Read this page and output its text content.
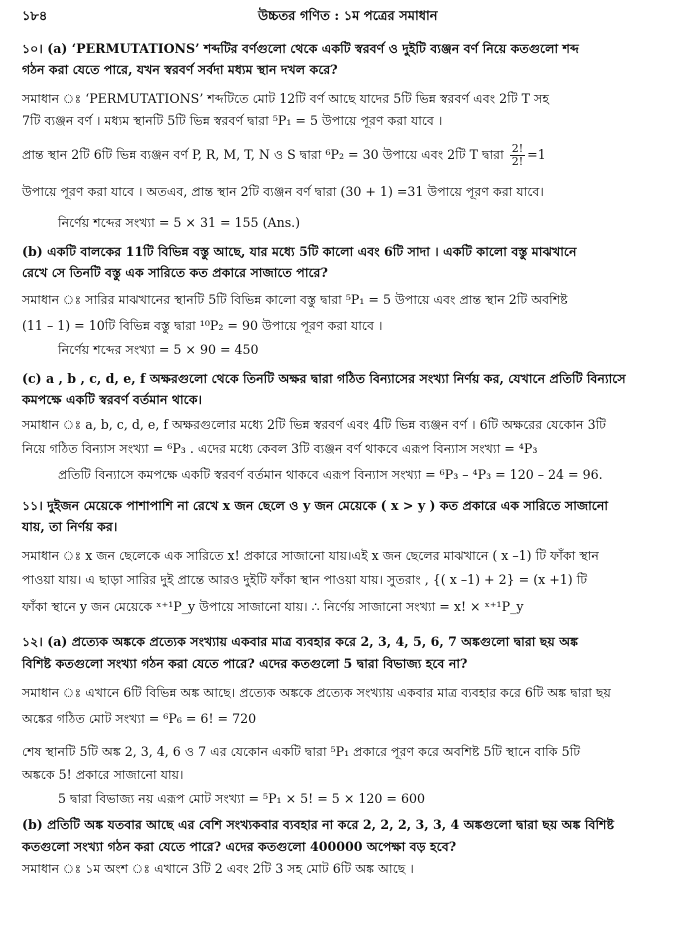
১৮৪	উচ্চতর গণিত : ১ম পত্রের সমাধান
১০। (a) ‘PERMUTATIONS’ শব্দটির বর্ণগুলো থেকে একটি স্বরবর্ণ ও দুইটি ব্যঞ্জন বর্ণ নিয়ে কতগুলো শব্দ
গঠন করা যেতে পারে, যখন স্বরবর্ণ সর্বদা মধ্যম স্থান দখল করে?
সমাধান ঃ ‘PERMUTATIONS’ শব্দটিতে মোট 12টি বর্ণ আছে যাদের 5টি ভিন্ন স্বরবর্ণ এবং 2টি T সহ
7টি ব্যঞ্জন বর্ণ । মধ্যম স্থানটি 5টি ভিন্ন স্বরবর্ণ দ্বারা ⁵P₁ = 5 উপায়ে পূরণ করা যাবে ।
প্রান্ত স্থান 2টি 6টি ভিন্ন ব্যঞ্জন বর্ণ P, R, M, T, N ও S দ্বারা ⁶P₂ = 30 উপায়ে এবং 2টি T দ্বারা $\frac{2!}{2!} =1$
উপায়ে পূরণ করা যাবে । অতএব, প্রান্ত স্থান 2টি ব্যঞ্জন বর্ণ দ্বারা (30 + 1) =31 উপায়ে পূরণ করা যাবে।
নির্ণেয় শব্দের সংখ্যা = 5 × 31 = 155 (Ans.)
(b) একটি বালকের 11টি বিভিন্ন বস্তু আছে, যার মধ্যে 5টি কালো এবং 6টি সাদা । একটি কালো বস্তু মাঝখানে
রেখে সে তিনটি বস্তু এক সারিতে কত প্রকারে সাজাতে পারে?
সমাধান ঃ সারির মাঝখানের স্থানটি 5টি বিভিন্ন কালো বস্তু দ্বারা ⁵P₁ = 5 উপায়ে এবং প্রান্ত স্থান 2টি অবশিষ্ট
(11 – 1) = 10টি বিভিন্ন বস্তু দ্বারা ¹⁰P₂ = 90 উপায়ে পূরণ করা যাবে ।
নির্ণেয় শব্দের সংখ্যা = 5 × 90 = 450
(c) a , b , c, d, e, f অক্ষরগুলো থেকে তিনটি অক্ষর দ্বারা গঠিত বিন্যাসের সংখ্যা নির্ণয় কর, যেখানে প্রতিটি বিন্যাসে
কমপক্ষে একটি স্বরবর্ণ বর্তমান থাকে।
সমাধান ঃ a, b, c, d, e, f অক্ষরগুলোর মধ্যে 2টি ভিন্ন স্বরবর্ণ এবং 4টি ভিন্ন ব্যঞ্জন বর্ণ । 6টি অক্ষরের যেকোন 3টি
নিয়ে গঠিত বিন্যাস সংখ্যা = ⁶P₃ . এদের মধ্যে কেবল 3টি ব্যঞ্জন বর্ণ থাকবে এরূপ বিন্যাস সংখ্যা = ⁴P₃
প্রতিটি বিন্যাসে কমপক্ষে একটি স্বরবর্ণ বর্তমান থাকবে এরূপ বিন্যাস সংখ্যা = ⁶P₃ – ⁴P₃ = 120 – 24 = 96.
১১। দুইজন মেয়েকে পাশাপাশি না রেখে x জন ছেলে ও y জন মেয়েকে ( x > y ) কত প্রকারে এক সারিতে সাজানো
যায়, তা নির্ণয় কর।
সমাধান ঃ x জন ছেলেকে এক সারিতে x! প্রকারে সাজানো যায়।এই x জন ছেলের মাঝখানে ( x –1) টি ফাঁকা স্থান
পাওয়া যায়। এ ছাড়া সারির দুই প্রান্তে আরও দুইটি ফাঁকা স্থান পাওয়া যায়। সুতরাং , {( x –1) + 2} = (x +1) টি
ফাঁকা স্থানে y জন মেয়েকে ˣ⁺¹P_y উপায়ে সাজানো যায়। ∴ নির্ণেয় সাজানো সংখ্যা = x! × ˣ⁺¹P_y
১২। (a) প্রত্যেক অঙ্ককে প্রত্যেক সংখ্যায় একবার মাত্র ব্যবহার করে 2, 3, 4, 5, 6, 7 অঙ্কগুলো দ্বারা ছয় অঙ্ক
বিশিষ্ট কতগুলো সংখ্যা গঠন করা যেতে পারে? এদের কতগুলো 5 দ্বারা বিভাজ্য হবে না?
সমাধান ঃ এখানে 6টি বিভিন্ন অঙ্ক আছে। প্রত্যেক অঙ্ককে প্রত্যেক সংখ্যায় একবার মাত্র ব্যবহার করে 6টি অঙ্ক দ্বারা ছয়
অঙ্কের গঠিত মোট সংখ্যা = ⁶P₆ = 6! = 720
শেষ স্থানটি 5টি অঙ্ক 2, 3, 4, 6 ও 7 এর যেকোন একটি দ্বারা ⁵P₁ প্রকারে পূরণ করে অবশিষ্ট 5টি স্থানে বাকি 5টি
অঙ্ককে 5! প্রকারে সাজানো যায়।
5 দ্বারা বিভাজ্য নয় এরূপ মোট সংখ্যা = ⁵P₁ × 5! = 5 × 120 = 600
(b) প্রতিটি অঙ্ক যতবার আছে এর বেশি সংখ্যকবার ব্যবহার না করে 2, 2, 2, 3, 3, 4 অঙ্কগুলো দ্বারা ছয় অঙ্ক বিশিষ্ট
কতগুলো সংখ্যা গঠন করা যেতে পারে? এদের কতগুলো 400000 অপেক্ষা বড় হবে?
সমাধান ঃ ১ম অংশ ঃ এখানে 3টি 2 এবং 2টি 3 সহ মোট 6টি অঙ্ক আছে ।
